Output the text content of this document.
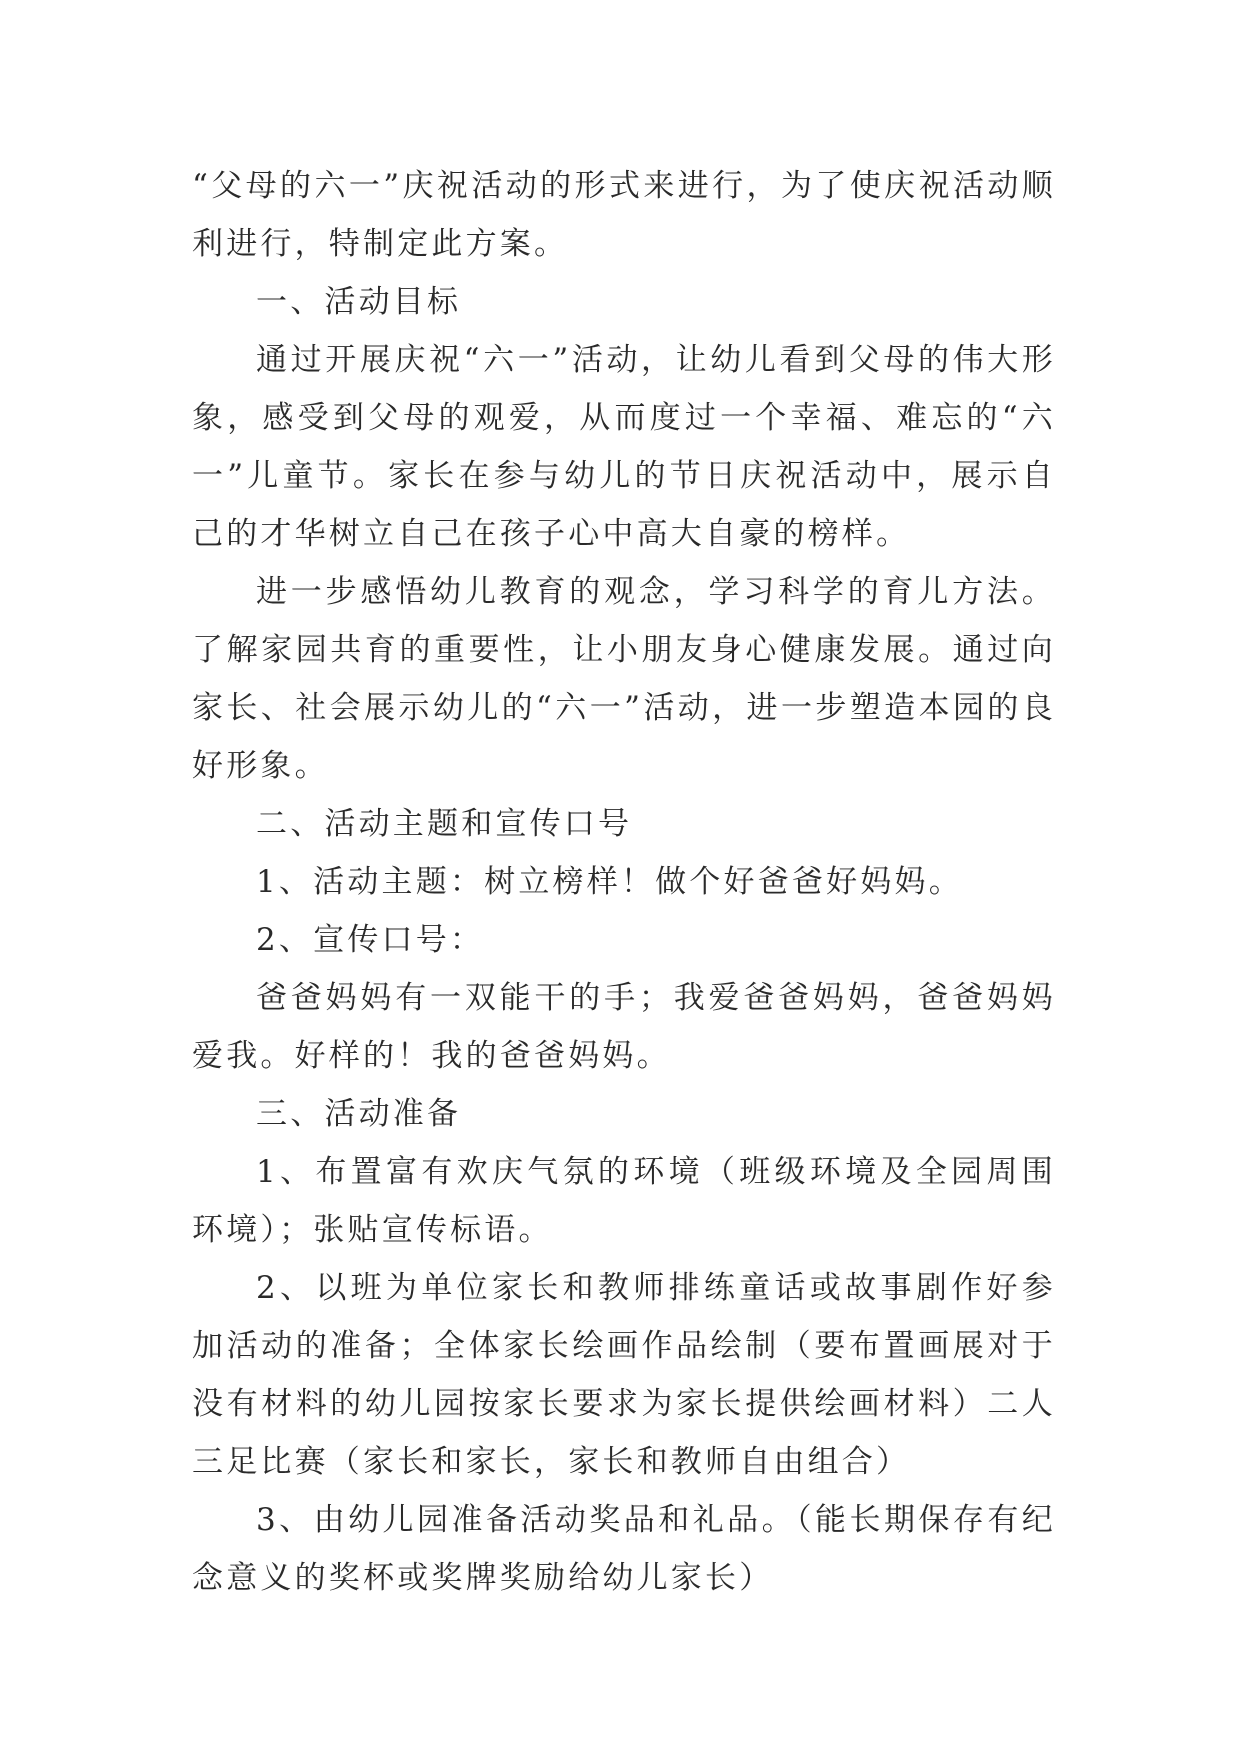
“父母的六一”庆祝活动的形式来进行，为了使庆祝活动顺利进行，特制定此方案。

一、活动目标

通过开展庆祝“六一”活动，让幼儿看到父母的伟大形象，感受到父母的观爱，从而度过一个幸福、难忘的“六一”儿童节。家长在参与幼儿的节日庆祝活动中，展示自己的才华树立自己在孩子心中高大自豪的榜样。

进一步感悟幼儿教育的观念，学习科学的育儿方法。了解家园共育的重要性，让小朋友身心健康发展。通过向家长、社会展示幼儿的“六一”活动，进一步塑造本园的良好形象。

二、活动主题和宣传口号

1、活动主题：树立榜样！做个好爸爸好妈妈。

2、宣传口号：

爸爸妈妈有一双能干的手；我爱爸爸妈妈，爸爸妈妈爱我。好样的！我的爸爸妈妈。

三、活动准备

1、布置富有欢庆气氛的环境（班级环境及全园周围环境）；张贴宣传标语。

2、以班为单位家长和教师排练童话或故事剧作好参加活动的准备；全体家长绘画作品绘制（要布置画展对于没有材料的幼儿园按家长要求为家长提供绘画材料）二人三足比赛（家长和家长，家长和教师自由组合）

3、由幼儿园准备活动奖品和礼品。（能长期保存有纪念意义的奖杯或奖牌奖励给幼儿家长）
